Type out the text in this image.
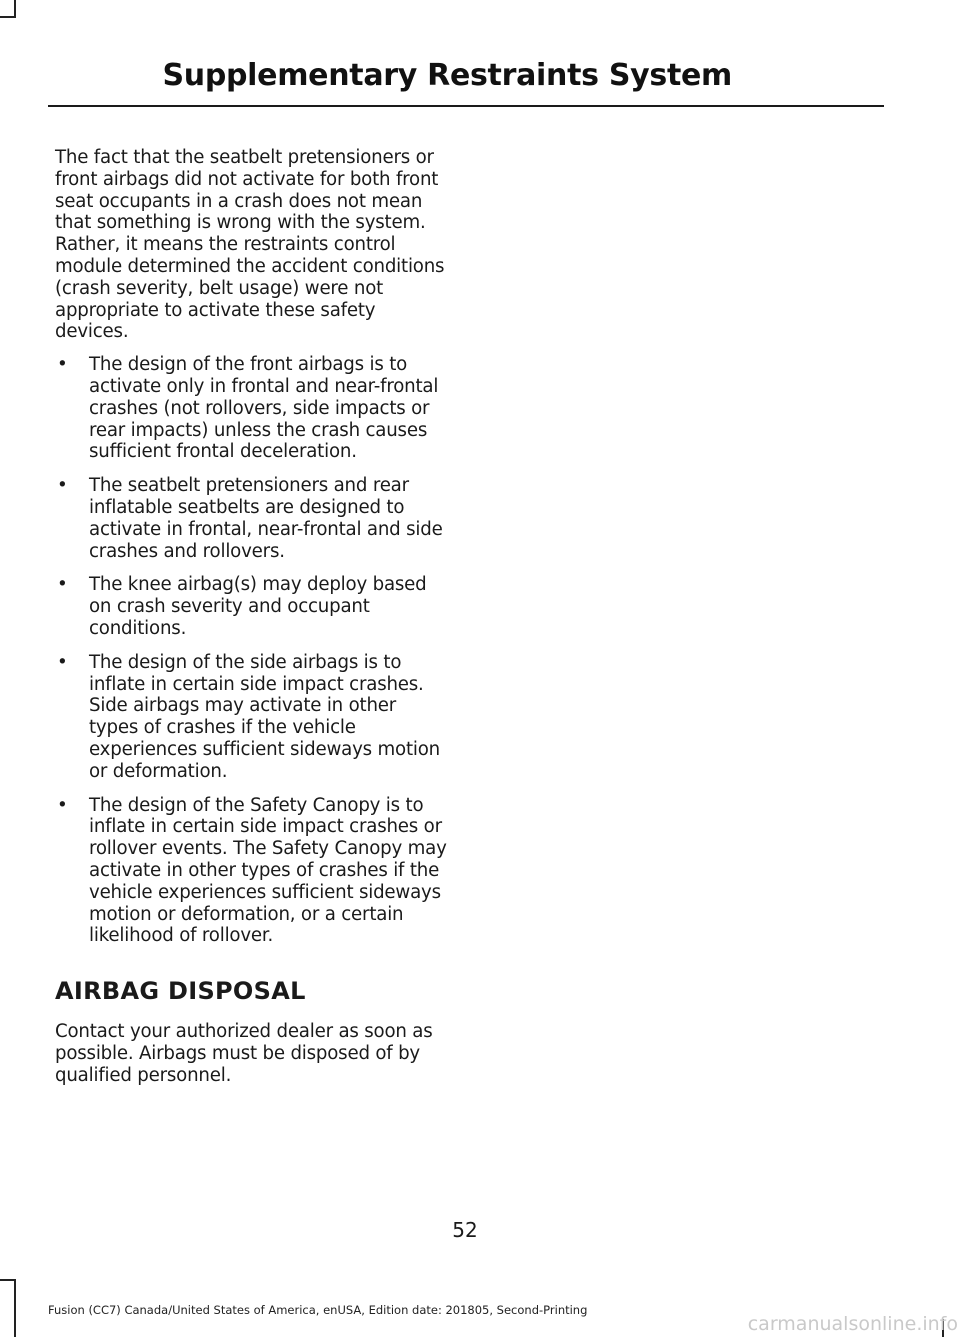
Supplementary Restraints System

The fact that the seatbelt pretensioners or front airbags did not activate for both front seat occupants in a crash does not mean that something is wrong with the system. Rather, it means the restraints control module determined the accident conditions (crash severity, belt usage) were not appropriate to activate these safety devices.

• The design of the front airbags is to activate only in frontal and near-frontal crashes (not rollovers, side impacts or rear impacts) unless the crash causes sufficient frontal deceleration.
• The seatbelt pretensioners and rear inflatable seatbelts are designed to activate in frontal, near-frontal and side crashes and rollovers.
• The knee airbag(s) may deploy based on crash severity and occupant conditions.
• The design of the side airbags is to inflate in certain side impact crashes. Side airbags may activate in other types of crashes if the vehicle experiences sufficient sideways motion or deformation.
• The design of the Safety Canopy is to inflate in certain side impact crashes or rollover events. The Safety Canopy may activate in other types of crashes if the vehicle experiences sufficient sideways motion or deformation, or a certain likelihood of rollover.
AIRBAG DISPOSAL

Contact your authorized dealer as soon as possible. Airbags must be disposed of by qualified personnel.

52
Fusion (CC7) Canada/United States of America, enUSA, Edition date: 201805, Second-Printing
carmanualsonline.info
